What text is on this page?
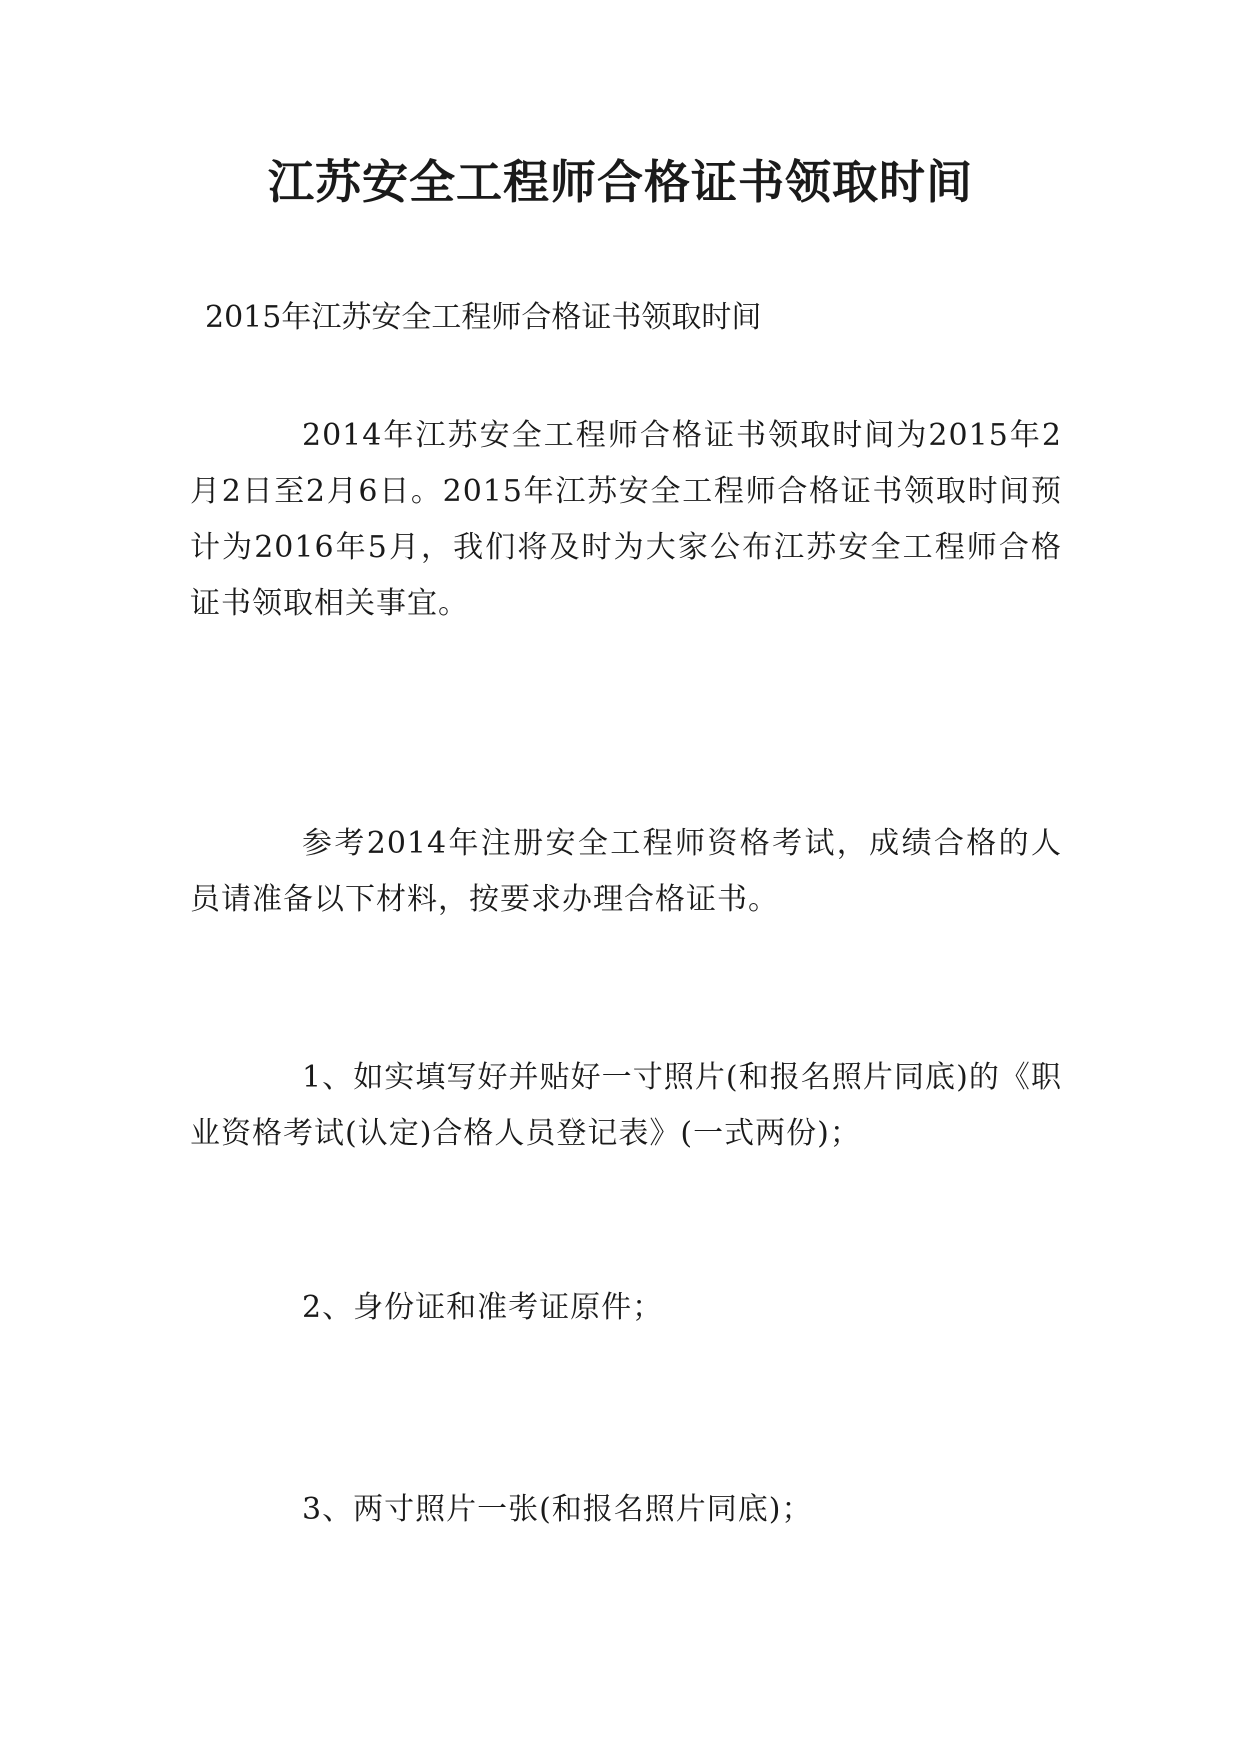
江苏安全工程师合格证书领取时间

2015年江苏安全工程师合格证书领取时间

2014年江苏安全工程师合格证书领取时间为2015年2月2日至2月6日。2015年江苏安全工程师合格证书领取时间预计为2016年5月，我们将及时为大家公布江苏安全工程师合格证书领取相关事宜。

参考2014年注册安全工程师资格考试，成绩合格的人员请准备以下材料，按要求办理合格证书。

1、如实填写好并贴好一寸照片(和报名照片同底)的《职业资格考试(认定)合格人员登记表》(一式两份)；

2、身份证和准考证原件；

3、两寸照片一张(和报名照片同底)；
